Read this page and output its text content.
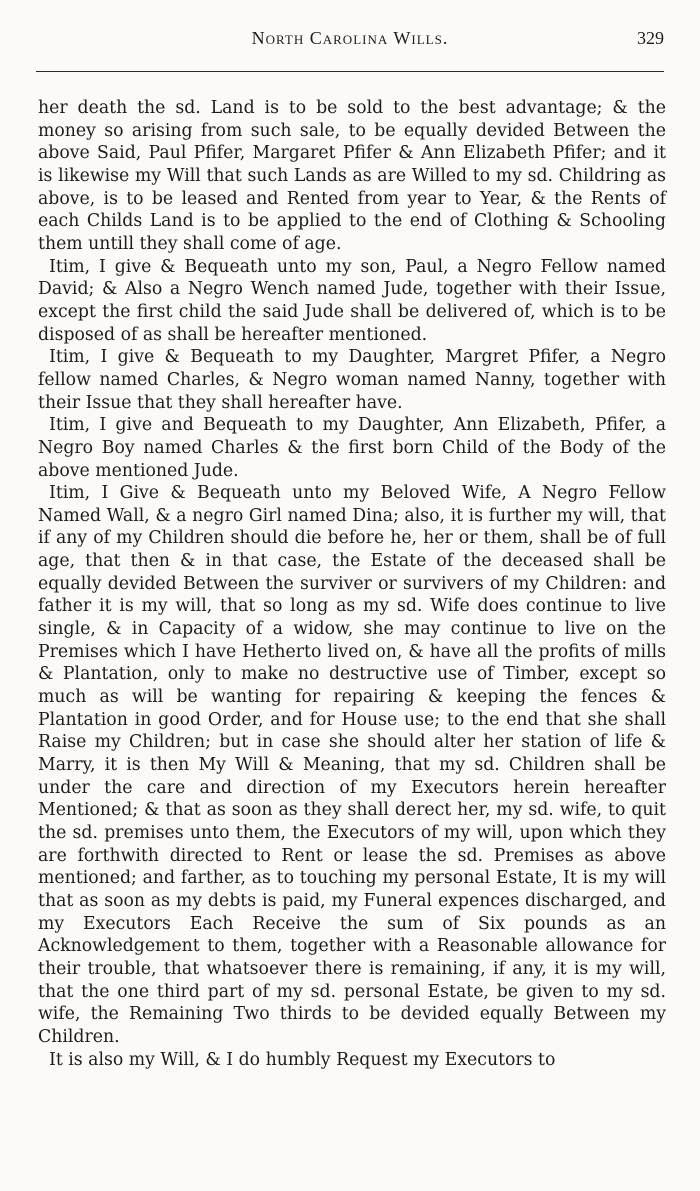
North Carolina Wills.	329

her death the sd. Land is to be sold to the best advantage; & the money so arising from such sale, to be equally devided Between the above Said, Paul Pfifer, Margaret Pfifer & Ann Elizabeth Pfifer; and it is likewise my Will that such Lands as are Willed to my sd. Childring as above, is to be leased and Rented from year to Year, & the Rents of each Childs Land is to be applied to the end of Clothing & Schooling them untill they shall come of age.

Itim, I give & Bequeath unto my son, Paul, a Negro Fellow named David; & Also a Negro Wench named Jude, together with their Issue, except the first child the said Jude shall be delivered of, which is to be disposed of as shall be hereafter mentioned.

Itim, I give & Bequeath to my Daughter, Margret Pfifer, a Negro fellow named Charles, & Negro woman named Nanny, together with their Issue that they shall hereafter have.

Itim, I give and Bequeath to my Daughter, Ann Elizabeth, Pfifer, a Negro Boy named Charles & the first born Child of the Body of the above mentioned Jude.

Itim, I Give & Bequeath unto my Beloved Wife, A Negro Fellow Named Wall, & a negro Girl named Dina; also, it is further my will, that if any of my Children should die before he, her or them, shall be of full age, that then & in that case, the Estate of the deceased shall be equally devided Between the surviver or survivers of my Children: and father it is my will, that so long as my sd. Wife does continue to live single, & in Capacity of a widow, she may continue to live on the Premises which I have Hetherto lived on, & have all the profits of mills & Plantation, only to make no destructive use of Timber, except so much as will be wanting for repairing & keeping the fences & Plantation in good Order, and for House use; to the end that she shall Raise my Children; but in case she should alter her station of life & Marry, it is then My Will & Meaning, that my sd. Children shall be under the care and direction of my Executors herein hereafter Mentioned; & that as soon as they shall derect her, my sd. wife, to quit the sd. premises unto them, the Executors of my will, upon which they are forthwith directed to Rent or lease the sd. Premises as above mentioned; and farther, as to touching my personal Estate, It is my will that as soon as my debts is paid, my Funeral expences discharged, and my Executors Each Receive the sum of Six pounds as an Acknowledgement to them, together with a Reasonable allowance for their trouble, that whatsoever there is remaining, if any, it is my will, that the one third part of my sd. personal Estate, be given to my sd. wife, the Remaining Two thirds to be devided equally Between my Children.

It is also my Will, & I do humbly Request my Executors to
